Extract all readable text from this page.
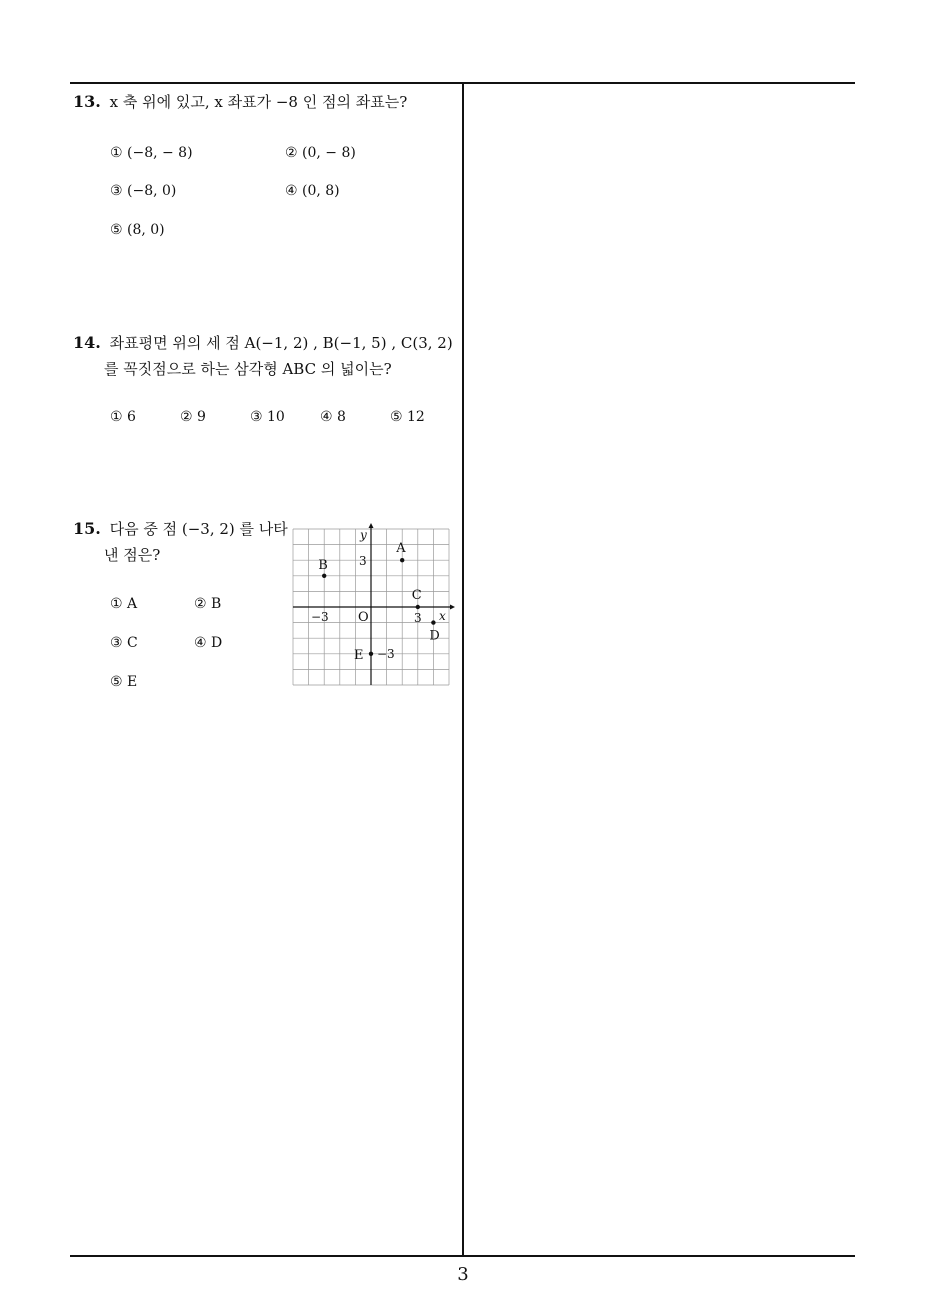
13. x 축 위에 있고, x 좌표가 −8 인 점의 좌표는?
① (−8, − 8)	② (0, − 8)
③ (−8, 0)	④ (0, 8)
⑤ (8, 0)
14. 좌표평면 위의 세 점 A(−1, 2) , B(−1, 5) , C(3, 2)
를 꼭짓점으로 하는 삼각형 ABC 의 넓이는?
① 6	② 9	③ 10	④ 8	⑤ 12
15. 다음 중 점 (−3, 2) 를 나타
낸 점은?
① A	② B
③ C	④ D
⑤ E
x
y
O
3
−3	3
−3
A
B
C
D
E
3
